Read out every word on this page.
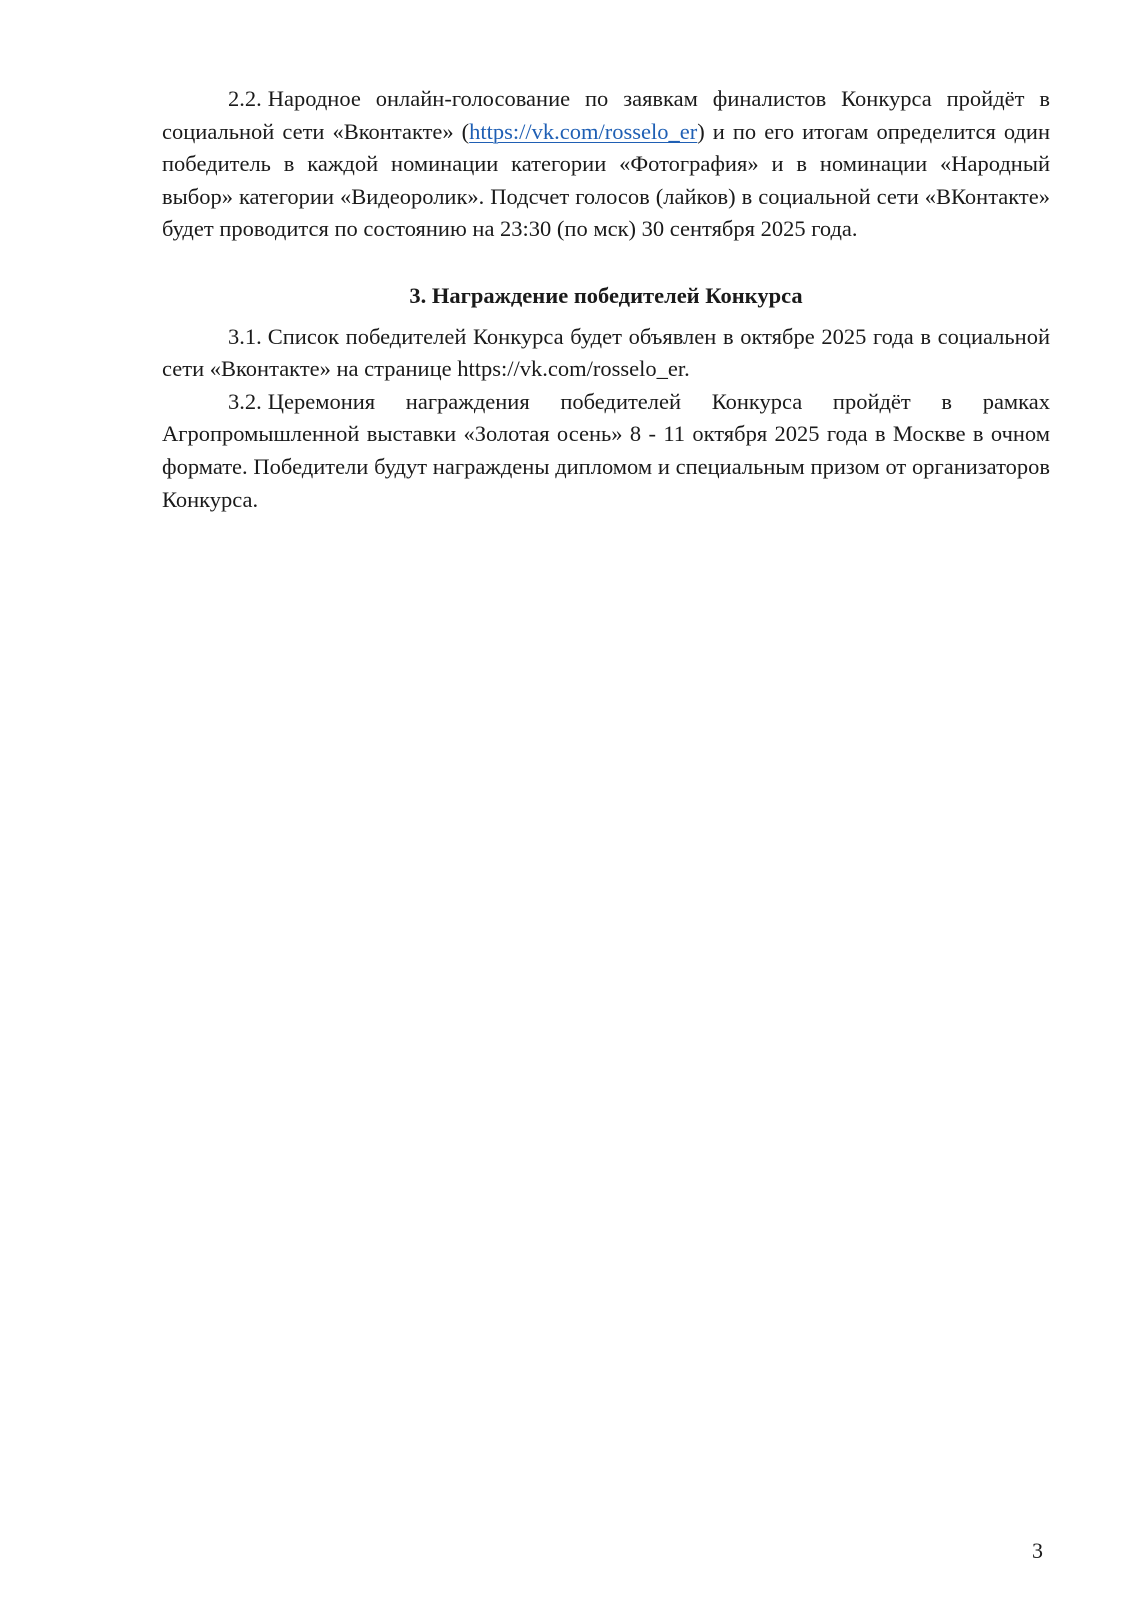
2.2. Народное онлайн-голосование по заявкам финалистов Конкурса пройдёт в социальной сети «Вконтакте» (https://vk.com/rosselo_er) и по его итогам определится один победитель в каждой номинации категории «Фотография» и в номинации «Народный выбор» категории «Видеоролик». Подсчет голосов (лайков) в социальной сети «ВКонтакте» будет проводится по состоянию на 23:30 (по мск) 30 сентября 2025 года.

3. Награждение победителей Конкурса

3.1. Список победителей Конкурса будет объявлен в октябре 2025 года в социальной сети «Вконтакте» на странице https://vk.com/rosselo_er.

3.2. Церемония награждения победителей Конкурса пройдёт в рамках Агропромышленной выставки «Золотая осень» 8 - 11 октября 2025 года в Москве в очном формате. Победители будут награждены дипломом и специальным призом от организаторов Конкурса.

3
